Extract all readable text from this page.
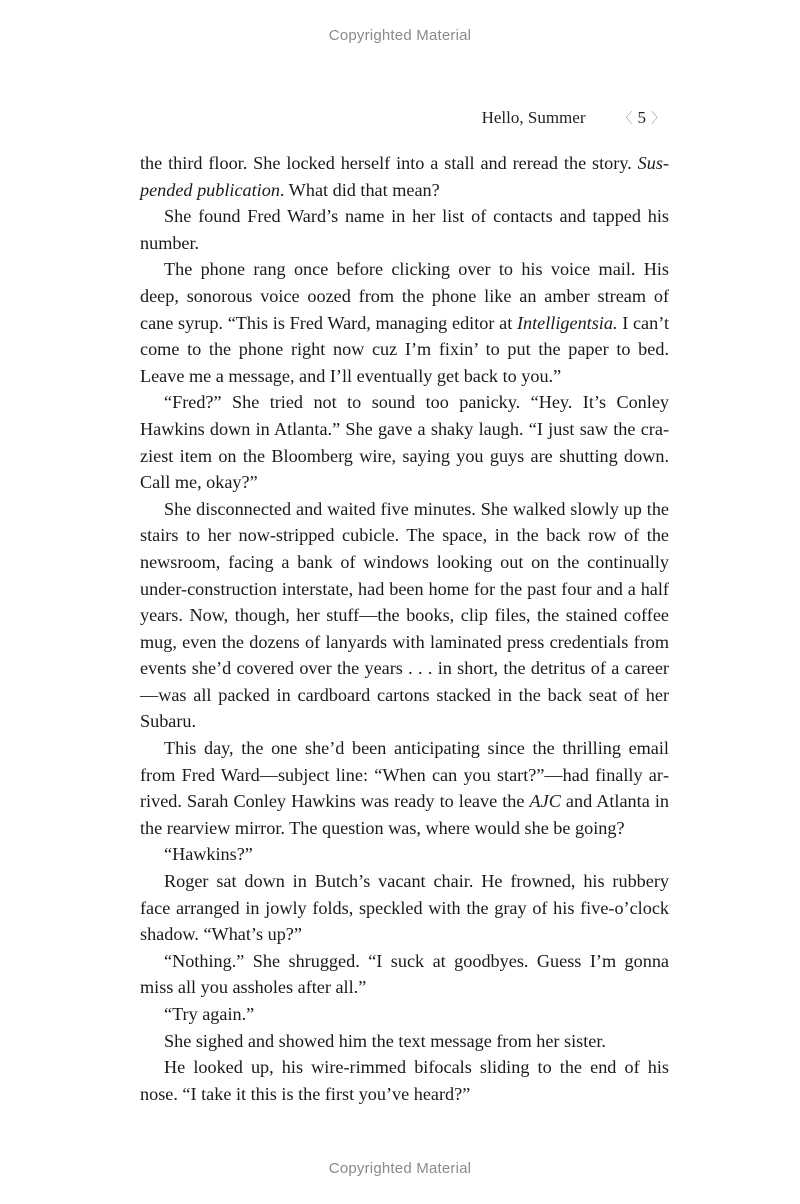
Copyrighted Material
Hello, Summer 〈 5 〉

the third floor. She locked herself into a stall and reread the story. Suspended publication. What did that mean?

She found Fred Ward’s name in her list of contacts and tapped his number.

The phone rang once before clicking over to his voice mail. His deep, sonorous voice oozed from the phone like an amber stream of cane syrup. “This is Fred Ward, managing editor at Intelligentsia. I can’t come to the phone right now cuz I’m fixin’ to put the paper to bed. Leave me a message, and I’ll eventually get back to you.”

“Fred?” She tried not to sound too panicky. “Hey. It’s Conley Hawkins down in Atlanta.” She gave a shaky laugh. “I just saw the craziest item on the Bloomberg wire, saying you guys are shutting down. Call me, okay?”

She disconnected and waited five minutes. She walked slowly up the stairs to her now-stripped cubicle. The space, in the back row of the newsroom, facing a bank of windows looking out on the continually under-construction interstate, had been home for the past four and a half years. Now, though, her stuff—the books, clip files, the stained coffee mug, even the dozens of lanyards with laminated press credentials from events she’d covered over the years . . . in short, the detritus of a career—was all packed in cardboard cartons stacked in the back seat of her Subaru.

This day, the one she’d been anticipating since the thrilling email from Fred Ward—subject line: “When can you start?”—had finally arrived. Sarah Conley Hawkins was ready to leave the AJC and Atlanta in the rearview mirror. The question was, where would she be going?

“Hawkins?”

Roger sat down in Butch’s vacant chair. He frowned, his rubbery face arranged in jowly folds, speckled with the gray of his five-o’clock shadow. “What’s up?”

“Nothing.” She shrugged. “I suck at goodbyes. Guess I’m gonna miss all you assholes after all.”

“Try again.”

She sighed and showed him the text message from her sister.

He looked up, his wire-rimmed bifocals sliding to the end of his nose. “I take it this is the first you’ve heard?”

Copyrighted Material
